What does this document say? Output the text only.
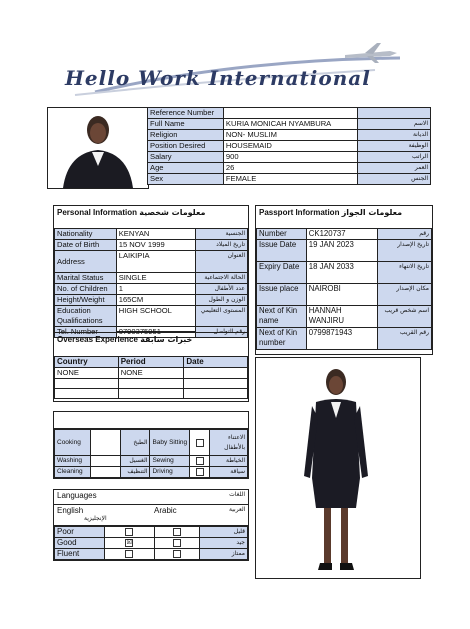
Hello Work International
Reference Number		
Full Name	KURIA MONICAH NYAMBURA	الاسم
Religion	NON- MUSLIM	الديانة
Position Desired	HOUSEMAID	الوظيفة
Salary	900	الراتب
Age	26	العمر
Sex	FEMALE	الجنس
Personal Information معلومات شخصية
Nationality	KENYAN	الجنسية
Date of Birth	15 NOV 1999	تاريخ الميلاد
Address	LAIKIPIA	العنوان
Marital Status	SINGLE	الحالة الاجتماعية
No. of Children	1	عدد الأطفال
Height/Weight	165CM	الوزن و الطول
Education Qualifications	HIGH SCHOOL	المستوى التعليمي
Tel. Number	0790375951	رقم التواصل
Passport Information معلومات الجواز
Number	CK120737	رقم
Issue Date	19 JAN 2023	تاريخ الإصدار
Expiry Date	18 JAN 2033	تاريخ الانتهاء
Issue place	NAIROBI	مكان الإصدار
Next of Kin name	HANNAH WANJIRU	اسم شخص قريب
Next of Kin number	0799871943	رقم القريب
Overseas Experience خبرات سابقة
Country	Period	Date
NONE	NONE	

Cooking		الطبخ	Baby Sitting		الاعتناء بالأطفال
Washing		الغسيل	Sewing		الخياطة
Cleaning		التنظيف	Driving		سياقة
Languages	اللغات
English
الإنجليزية
Arabic	العربية
Poor			قليل
Good	☒		جيد
Fluent			ممتاز
